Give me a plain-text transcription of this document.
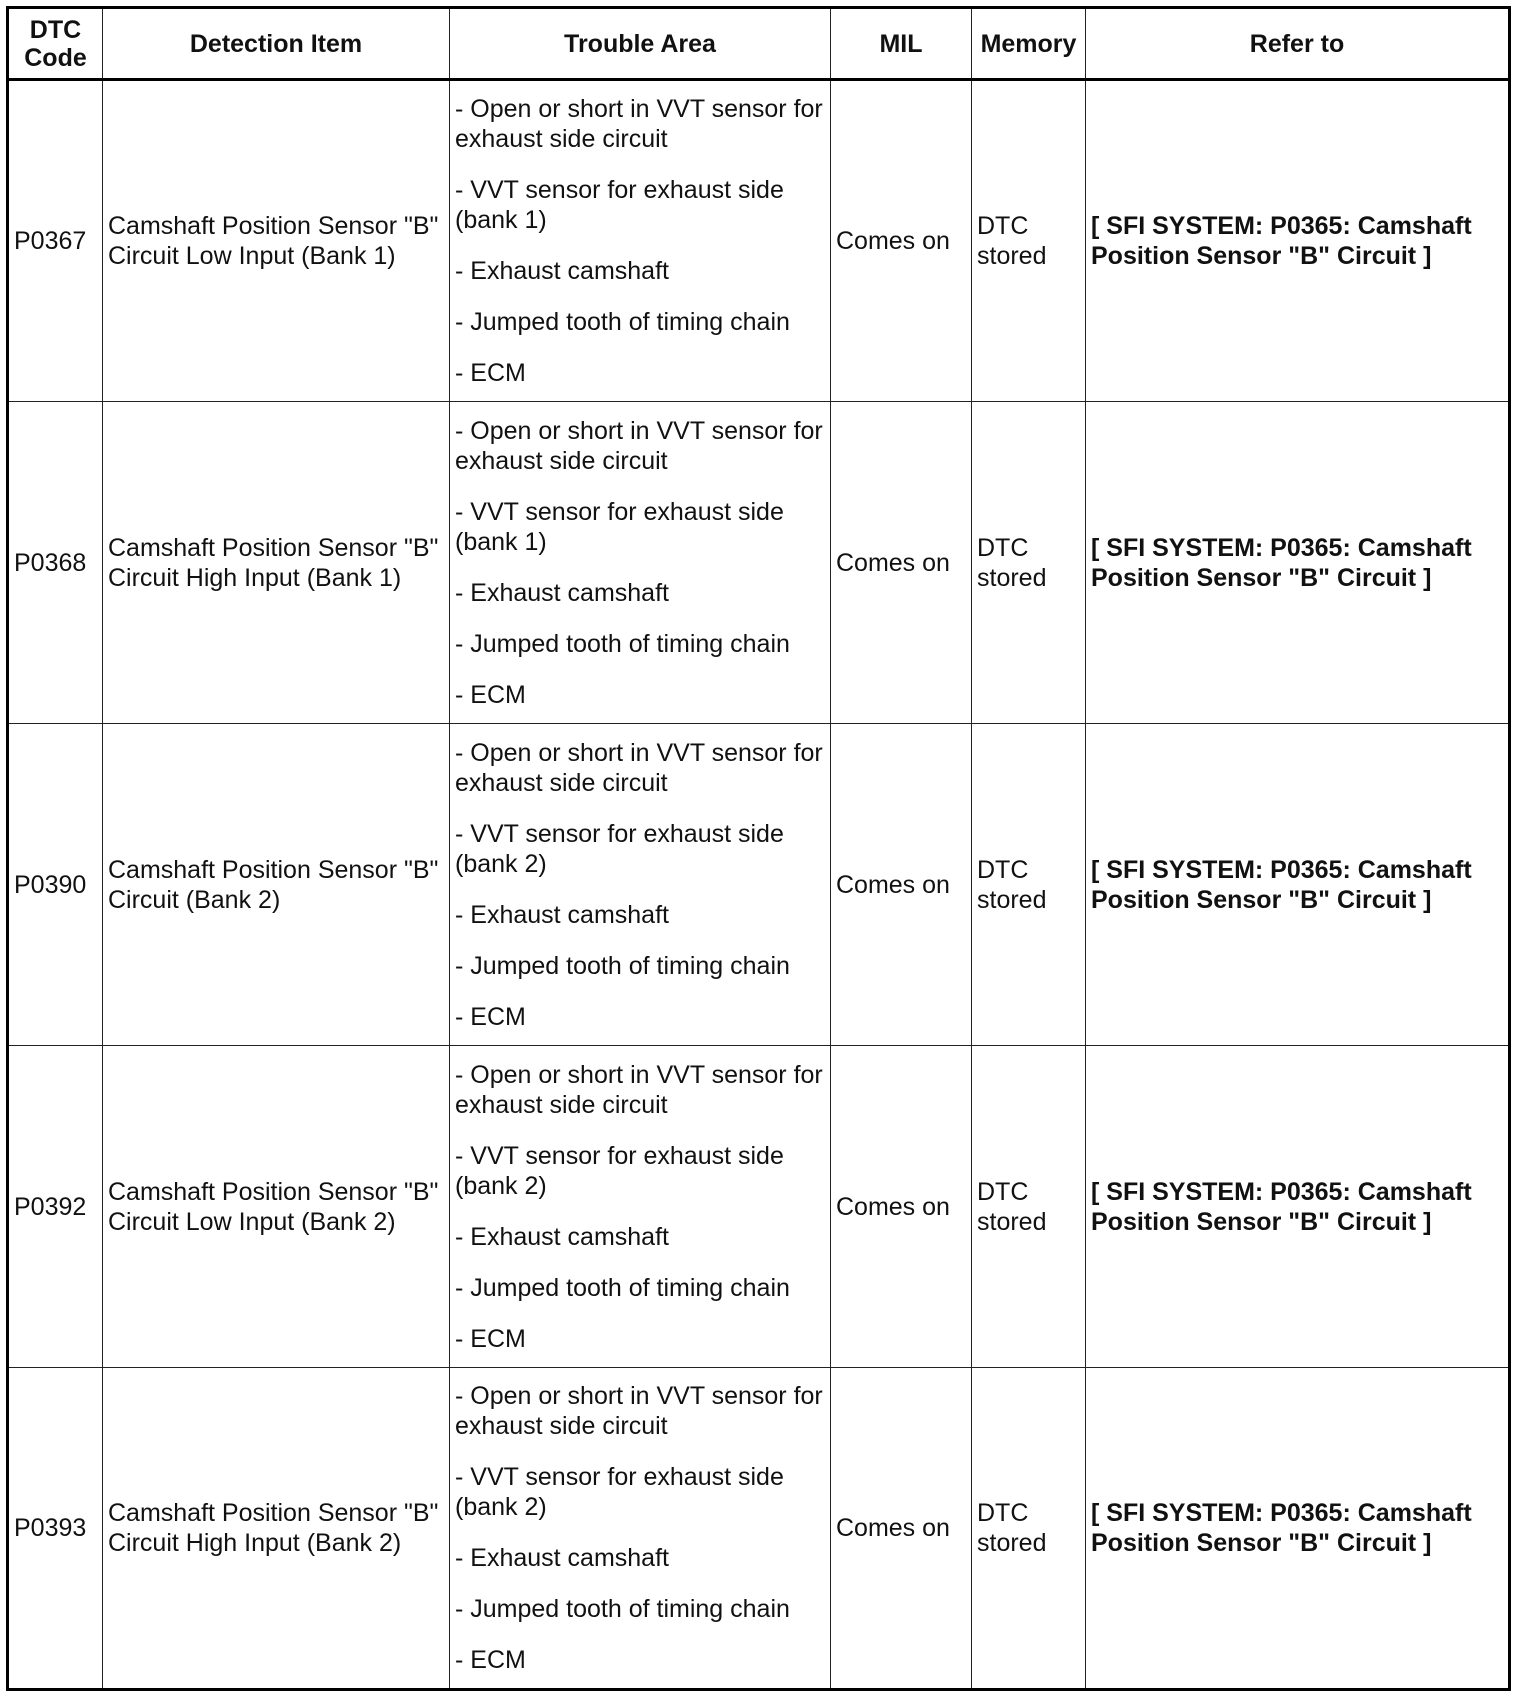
DTC Code	Detection Item	Trouble Area	MIL	Memory	Refer to
P0367	Camshaft Position Sensor "B" Circuit Low Input (Bank 1)	- Open or short in VVT sensor for exhaust side circuit
- VVT sensor for exhaust side (bank 1)
- Exhaust camshaft
- Jumped tooth of timing chain
- ECM	Comes on	DTC stored	[ SFI SYSTEM: P0365: Camshaft Position Sensor "B" Circuit ]
P0368	Camshaft Position Sensor "B" Circuit High Input (Bank 1)	- Open or short in VVT sensor for exhaust side circuit
- VVT sensor for exhaust side (bank 1)
- Exhaust camshaft
- Jumped tooth of timing chain
- ECM	Comes on	DTC stored	[ SFI SYSTEM: P0365: Camshaft Position Sensor "B" Circuit ]
P0390	Camshaft Position Sensor "B" Circuit (Bank 2)	- Open or short in VVT sensor for exhaust side circuit
- VVT sensor for exhaust side (bank 2)
- Exhaust camshaft
- Jumped tooth of timing chain
- ECM	Comes on	DTC stored	[ SFI SYSTEM: P0365: Camshaft Position Sensor "B" Circuit ]
P0392	Camshaft Position Sensor "B" Circuit Low Input (Bank 2)	- Open or short in VVT sensor for exhaust side circuit
- VVT sensor for exhaust side (bank 2)
- Exhaust camshaft
- Jumped tooth of timing chain
- ECM	Comes on	DTC stored	[ SFI SYSTEM: P0365: Camshaft Position Sensor "B" Circuit ]
P0393	Camshaft Position Sensor "B" Circuit High Input (Bank 2)	- Open or short in VVT sensor for exhaust side circuit
- VVT sensor for exhaust side (bank 2)
- Exhaust camshaft
- Jumped tooth of timing chain
- ECM	Comes on	DTC stored	[ SFI SYSTEM: P0365: Camshaft Position Sensor "B" Circuit ]
